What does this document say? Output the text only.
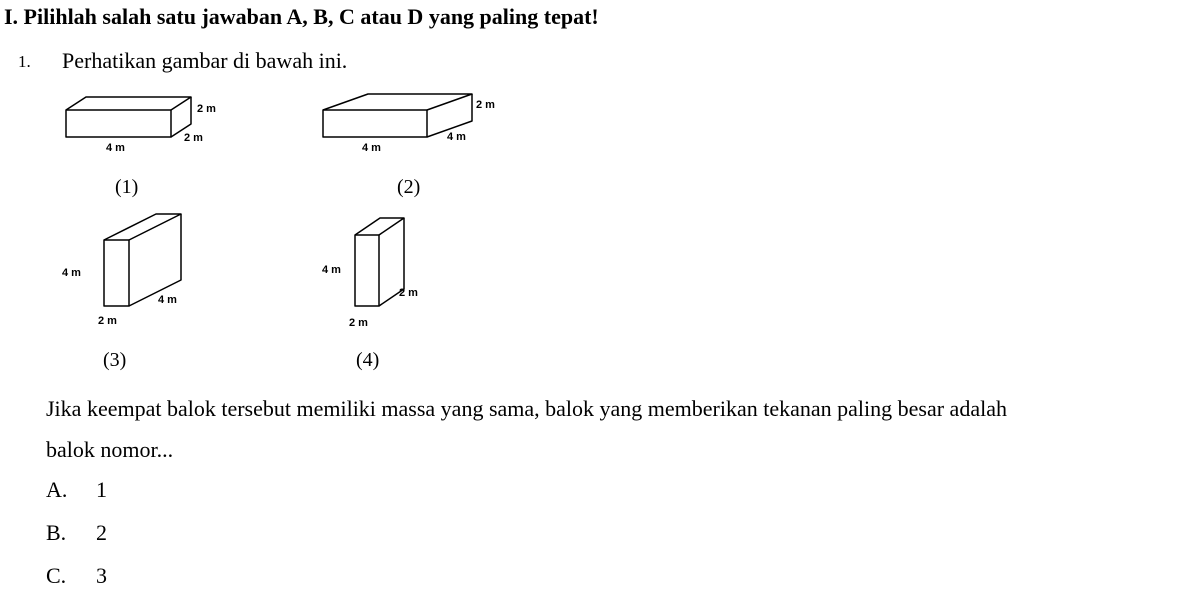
I. Pilihlah salah satu jawaban A, B, C atau D yang paling tepat!
1. Perhatikan gambar di bawah ini.
2 m
2 m
4 m
2 m
4 m
4 m
4 m
4 m
2 m
4 m
2 m
2 m
(1)	(2)
(3)	(4)
Jika keempat balok tersebut memiliki massa yang sama, balok yang memberikan tekanan paling besar adalah
balok nomor...
A. 1
B. 2
C. 3
